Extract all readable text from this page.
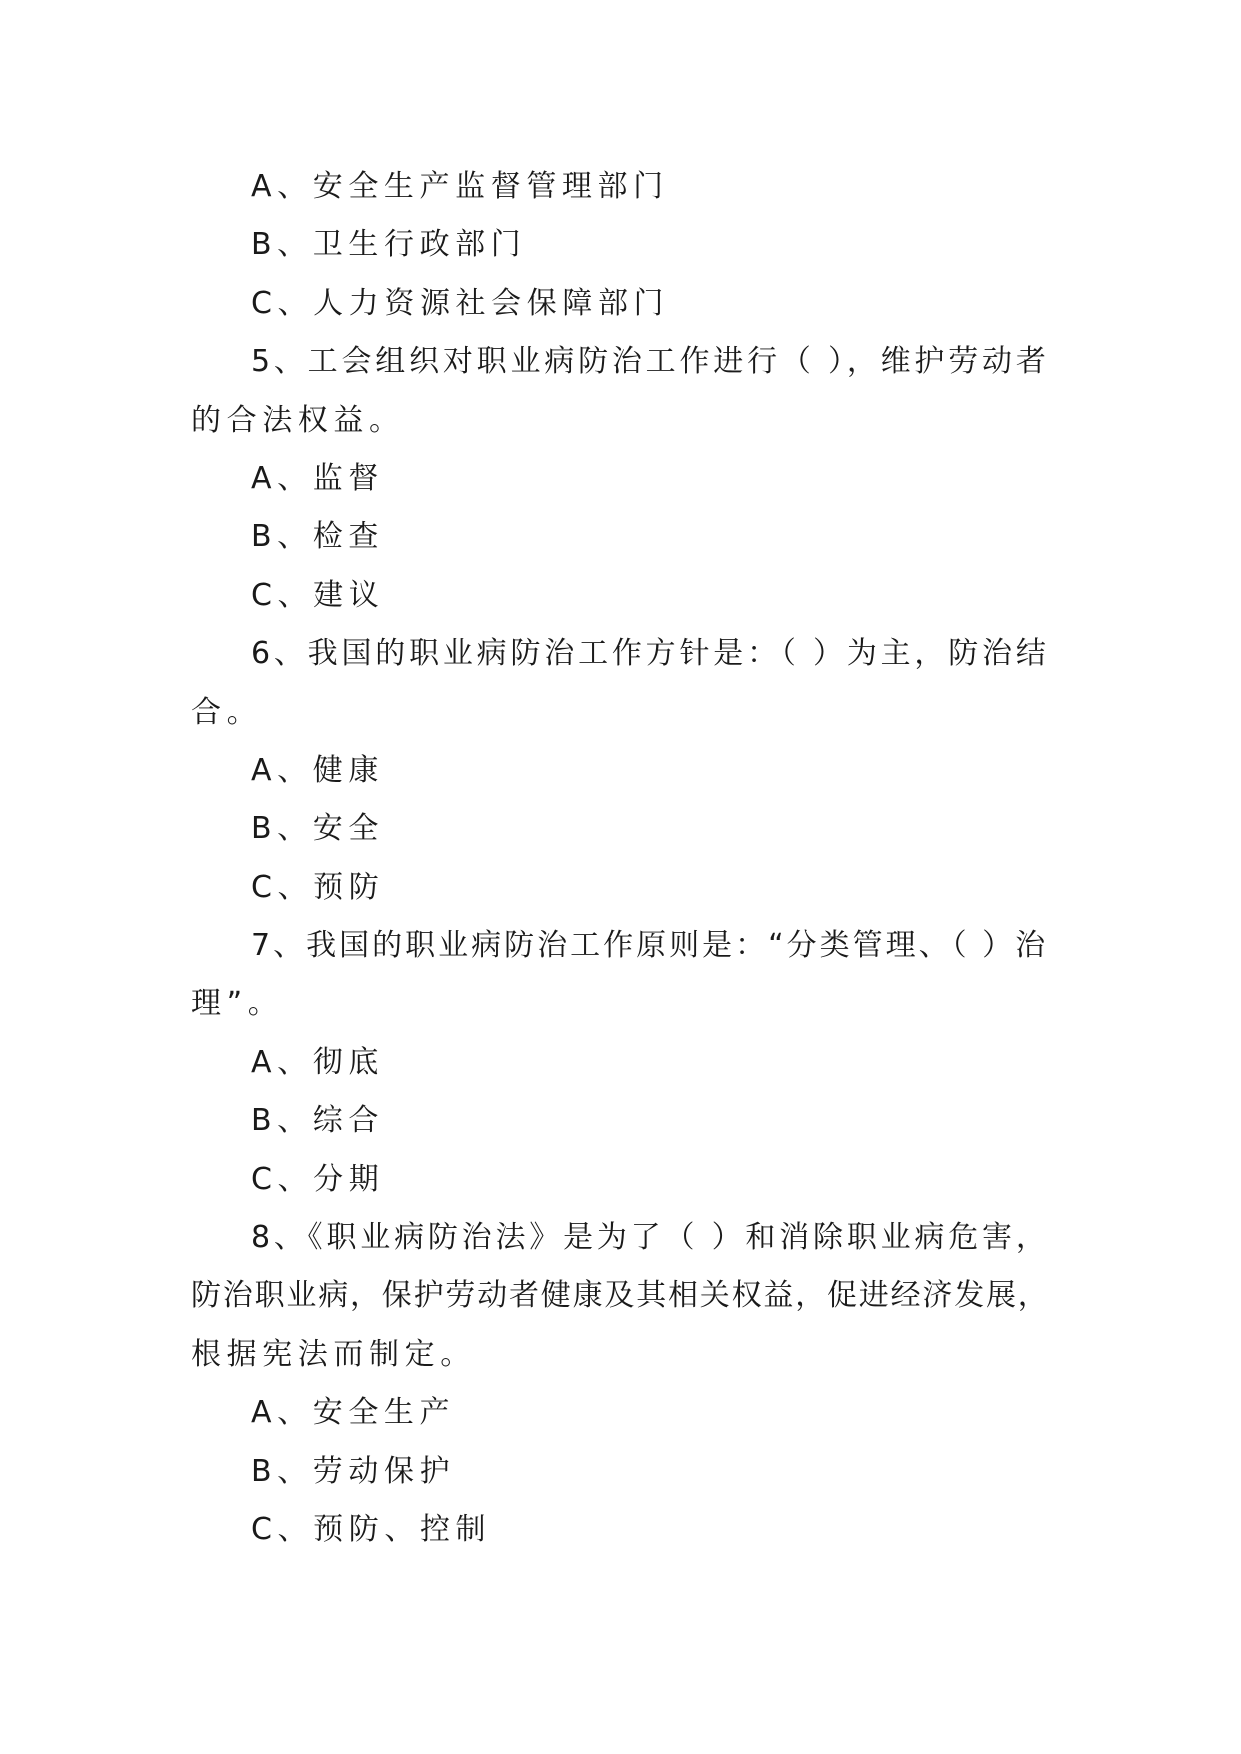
A、安全生产监督管理部门
B、卫生行政部门
C、人力资源社会保障部门
5、工会组织对职业病防治工作进行（ ），维护劳动者
的合法权益。
A、监督
B、检查
C、建议
6、我国的职业病防治工作方针是：（ ）为主，防治结
合。
A、健康
B、安全
C、预防
7、我国的职业病防治工作原则是：“分类管理、（ ）治
理”。
A、彻底
B、综合
C、分期
8、《职业病防治法》是为了（ ）和消除职业病危害，
防治职业病，保护劳动者健康及其相关权益，促进经济发展，
根据宪法而制定。
A、安全生产
B、劳动保护
C、预防、控制
